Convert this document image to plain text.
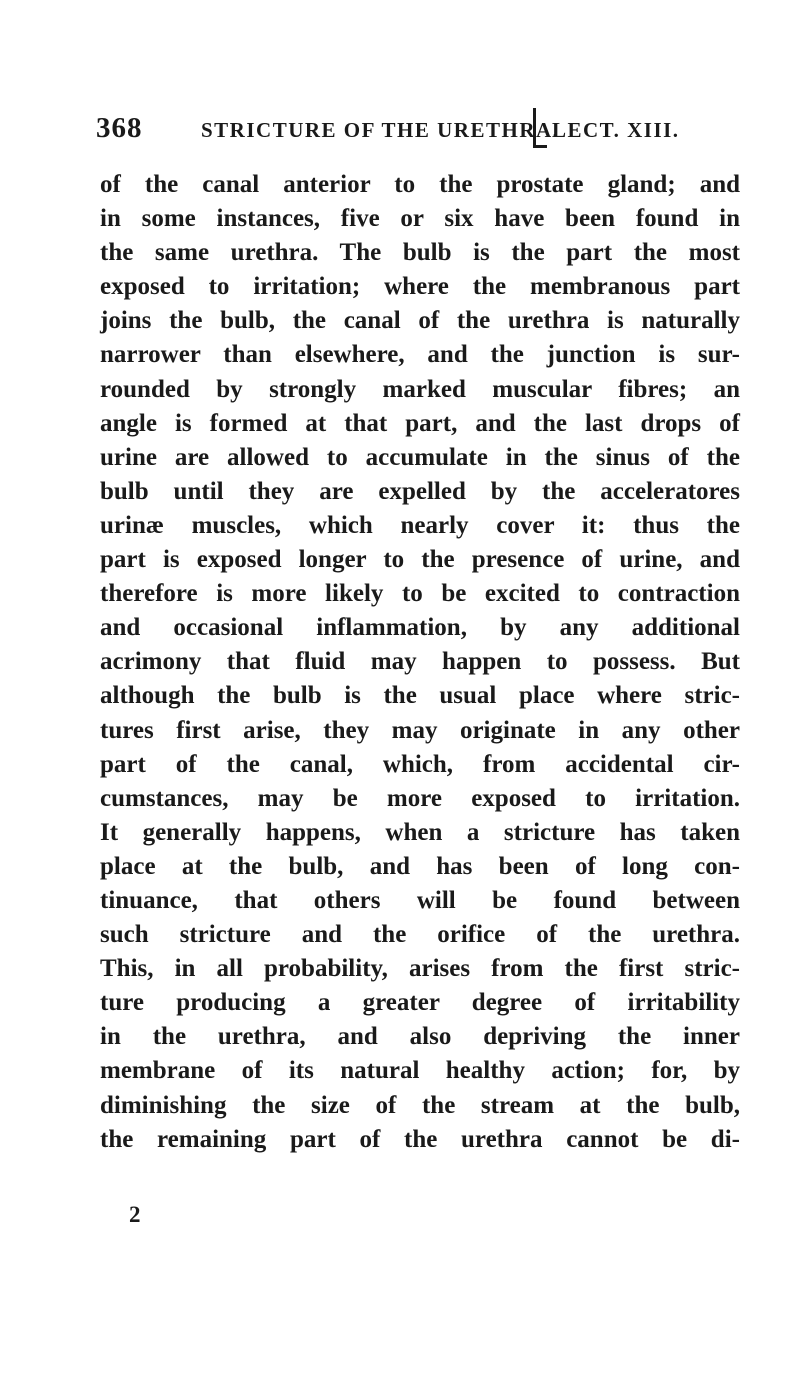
368	STRICTURE OF THE URETHRA.
LECT. XIII.
of the canal anterior to the prostate gland; and
in some instances, five or six have been found in
the same urethra. The bulb is the part the most
exposed to irritation; where the membranous part
joins the bulb, the canal of the urethra is naturally
narrower than elsewhere, and the junction is sur-
rounded by strongly marked muscular fibres; an
angle is formed at that part, and the last drops of
urine are allowed to accumulate in the sinus of the
bulb until they are expelled by the acceleratores
urinæ muscles, which nearly cover it: thus the
part is exposed longer to the presence of urine, and
therefore is more likely to be excited to contraction
and occasional inflammation, by any additional
acrimony that fluid may happen to possess. But
although the bulb is the usual place where stric-
tures first arise, they may originate in any other
part of the canal, which, from accidental cir-
cumstances, may be more exposed to irritation.
It generally happens, when a stricture has taken
place at the bulb, and has been of long con-
tinuance, that others will be found between
such stricture and the orifice of the urethra.
This, in all probability, arises from the first stric-
ture producing a greater degree of irritability
in the urethra, and also depriving the inner
membrane of its natural healthy action; for, by
diminishing the size of the stream at the bulb,
the remaining part of the urethra cannot be di-
2
